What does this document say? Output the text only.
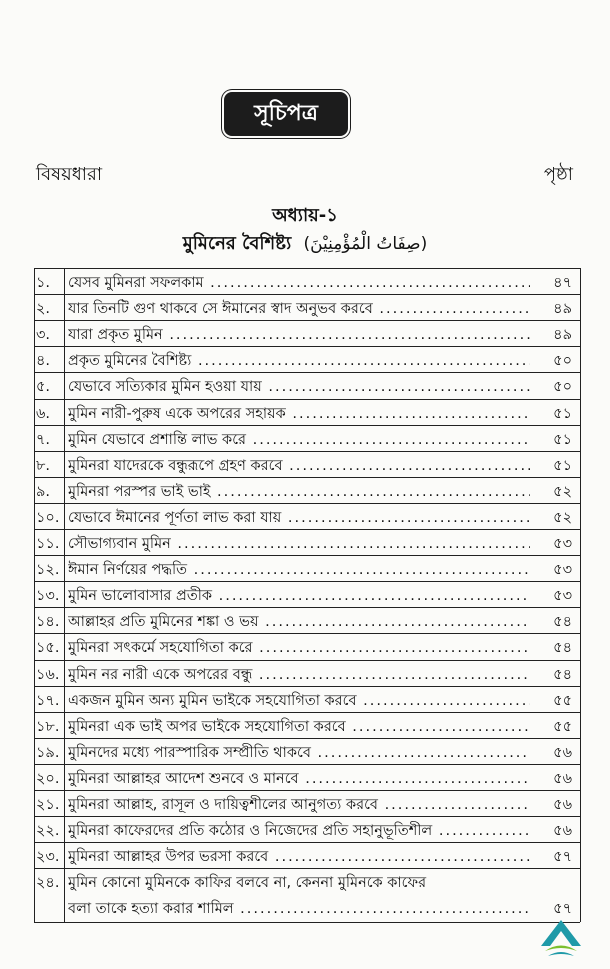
সূচিপত্র
বিষয়ধারা	পৃষ্ঠা
অধ্যায়-১
মুমিনের বৈশিষ্ট্য (صِفَاتُ الْمُؤْمِنِيْنَ)
১.	যেসব মুমিনরা সফলকাম .....	৪৭
২.	যার তিনটি গুণ থাকবে সে ঈমানের স্বাদ অনুভব করবে .....	৪৯
৩.	যারা প্রকৃত মুমিন .....	৪৯
৪.	প্রকৃত মুমিনের বৈশিষ্ট্য .....	৫০
৫.	যেভাবে সত্যিকার মুমিন হওয়া যায় .....	৫০
৬.	মুমিন নারী-পুরুষ একে অপরের সহায়ক .....	৫১
৭.	মুমিন যেভাবে প্রশান্তি লাভ করে .....	৫১
৮.	মুমিনরা যাদেরকে বন্ধুরূপে গ্রহণ করবে .....	৫১
৯.	মুমিনরা পরস্পর ভাই ভাই .....	৫২
১০. যেভাবে ঈমানের পূর্ণতা লাভ করা যায় .....	৫২
১১. সৌভাগ্যবান মুমিন .....	৫৩
১২. ঈমান নির্ণয়ের পদ্ধতি .....	৫৩
১৩. মুমিন ভালোবাসার প্রতীক .....	৫৩
১৪. আল্লাহর প্রতি মুমিনের শঙ্কা ও ভয় .....	৫৪
১৫. মুমিনরা সৎকর্মে সহযোগিতা করে .....	৫৪
১৬. মুমিন নর নারী একে অপরের বন্ধু .....	৫৪
১৭. একজন মুমিন অন্য মুমিন ভাইকে সহযোগিতা করবে .....	৫৫
১৮. মুমিনরা এক ভাই অপর ভাইকে সহযোগিতা করবে .....	৫৫
১৯. মুমিনদের মধ্যে পারস্পারিক সম্প্রীতি থাকবে .....	৫৬
২০. মুমিনরা আল্লাহর আদেশ শুনবে ও মানবে .....	৫৬
২১. মুমিনরা আল্লাহ, রাসূল ও দায়িত্বশীলের আনুগত্য করবে .....	৫৬
২২. মুমিনরা কাফেরদের প্রতি কঠোর ও নিজেদের প্রতি সহানুভূতিশীল .....	৫৬
২৩. মুমিনরা আল্লাহর উপর ভরসা করবে .....	৫৭
২৪. মুমিন কোনো মুমিনকে কাফির বলবে না, কেননা মুমিনকে কাফের
বলা তাকে হত্যা করার শামিল .....	৫৭
